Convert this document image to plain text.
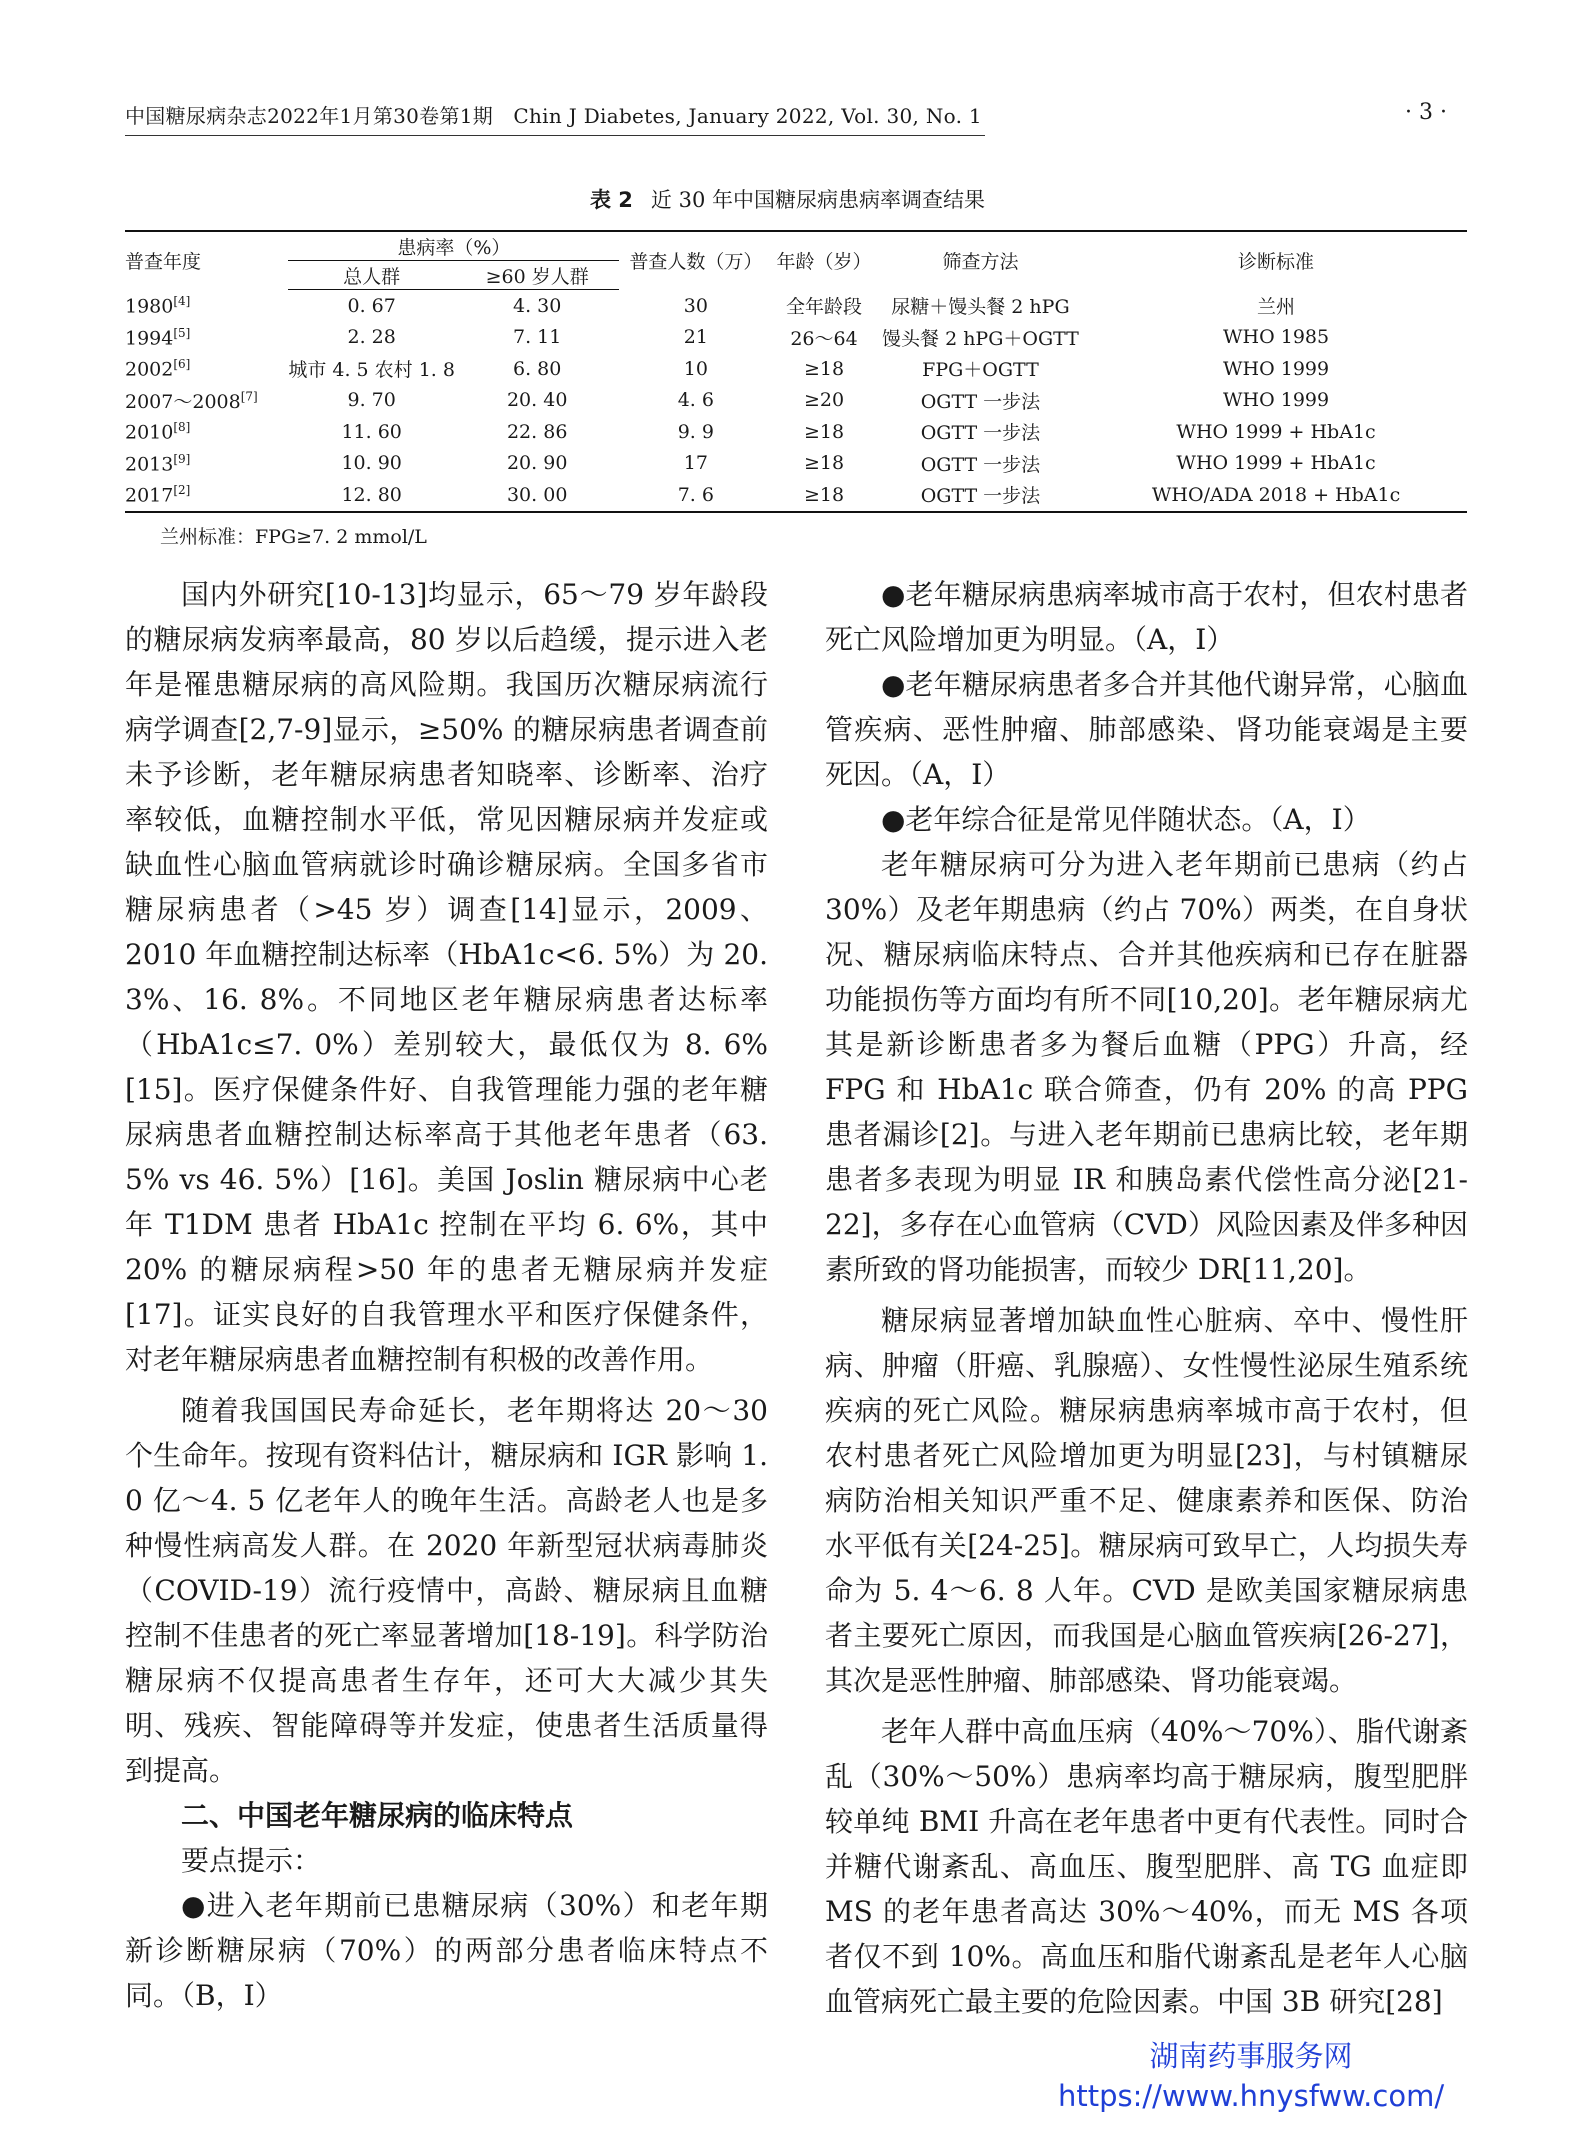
中国糖尿病杂志2022年1月第30卷第1期　Chin J Diabetes, January 2022, Vol. 30, No. 1	· 3 ·
表 2 近 30 年中国糖尿病患病率调查结果
普查年度	患病率（%）		普查人数（万）	年龄（岁）	筛查方法	诊断标准
	总人群	≥60 岁人群				
1980[4]	0. 67	4. 30	30	全年龄段	尿糖＋馒头餐 2 hPG	兰州
1994[5]	2. 28	7. 11	21	26～64	馒头餐 2 hPG＋OGTT	WHO 1985
2002[6]	城市 4. 5 农村 1. 8	6. 80	10	≥18	FPG＋OGTT	WHO 1999
2007～2008[7]	9. 70	20. 40	4. 6	≥20	OGTT 一步法	WHO 1999
2010[8]	11. 60	22. 86	9. 9	≥18	OGTT 一步法	WHO 1999 + HbA1c
2013[9]	10. 90	20. 90	17	≥18	OGTT 一步法	WHO 1999 + HbA1c
2017[2]	12. 80	30. 00	7. 6	≥18	OGTT 一步法	WHO/ADA 2018 + HbA1c
兰州标准：FPG≥7. 2 mmol/L

国内外研究[10-13]均显示，65～79 岁年龄段的糖尿病发病率最高，80 岁以后趋缓，提示进入老年是罹患糖尿病的高风险期。我国历次糖尿病流行病学调查[2,7-9]显示，≥50% 的糖尿病患者调查前未予诊断，老年糖尿病患者知晓率、诊断率、治疗率较低，血糖控制水平低，常见因糖尿病并发症或缺血性心脑血管病就诊时确诊糖尿病。全国多省市糖尿病患者（>45 岁）调查[14]显示，2009、2010 年血糖控制达标率（HbA1c<6. 5%）为 20. 3%、16. 8%。不同地区老年糖尿病患者达标率（HbA1c≤7. 0%）差别较大，最低仅为 8. 6%[15]。医疗保健条件好、自我管理能力强的老年糖尿病患者血糖控制达标率高于其他老年患者（63. 5% vs 46. 5%）[16]。美国 Joslin 糖尿病中心老年 T1DM 患者 HbA1c 控制在平均 6. 6%，其中 20% 的糖尿病程>50 年的患者无糖尿病并发症[17]。证实良好的自我管理水平和医疗保健条件，对老年糖尿病患者血糖控制有积极的改善作用。

随着我国国民寿命延长，老年期将达 20～30 个生命年。按现有资料估计，糖尿病和 IGR 影响 1. 0 亿～4. 5 亿老年人的晚年生活。高龄老人也是多种慢性病高发人群。在 2020 年新型冠状病毒肺炎（COVID-19）流行疫情中，高龄、糖尿病且血糖控制不佳患者的死亡率显著增加[18-19]。科学防治糖尿病不仅提高患者生存年，还可大大减少其失明、残疾、智能障碍等并发症，使患者生活质量得到提高。

二、中国老年糖尿病的临床特点

要点提示：

●进入老年期前已患糖尿病（30%）和老年期新诊断糖尿病（70%）的两部分患者临床特点不同。（B，Ⅰ）

●老年糖尿病患病率城市高于农村，但农村患者死亡风险增加更为明显。（A，Ⅰ）

●老年糖尿病患者多合并其他代谢异常，心脑血管疾病、恶性肿瘤、肺部感染、肾功能衰竭是主要死因。（A，Ⅰ）

●老年综合征是常见伴随状态。（A，Ⅰ）

老年糖尿病可分为进入老年期前已患病（约占 30%）及老年期患病（约占 70%）两类，在自身状况、糖尿病临床特点、合并其他疾病和已存在脏器功能损伤等方面均有所不同[10,20]。老年糖尿病尤其是新诊断患者多为餐后血糖（PPG）升高，经 FPG 和 HbA1c 联合筛查，仍有 20% 的高 PPG 患者漏诊[2]。与进入老年期前已患病比较，老年期患者多表现为明显 IR 和胰岛素代偿性高分泌[21-22]，多存在心血管病（CVD）风险因素及伴多种因素所致的肾功能损害，而较少 DR[11,20]。

糖尿病显著增加缺血性心脏病、卒中、慢性肝病、肿瘤（肝癌、乳腺癌）、女性慢性泌尿生殖系统疾病的死亡风险。糖尿病患病率城市高于农村，但农村患者死亡风险增加更为明显[23]，与村镇糖尿病防治相关知识严重不足、健康素养和医保、防治水平低有关[24-25]。糖尿病可致早亡，人均损失寿命为 5. 4～6. 8 人年。CVD 是欧美国家糖尿病患者主要死亡原因，而我国是心脑血管疾病[26-27]，其次是恶性肿瘤、肺部感染、肾功能衰竭。

老年人群中高血压病（40%～70%）、脂代谢紊乱（30%～50%）患病率均高于糖尿病，腹型肥胖较单纯 BMI 升高在老年患者中更有代表性。同时合并糖代谢紊乱、高血压、腹型肥胖、高 TG 血症即 MS 的老年患者高达 30%～40%，而无 MS 各项者仅不到 10%。高血压和脂代谢紊乱是老年人心脑血管病死亡最主要的危险因素。中国 3B 研究[28]

湖南药事服务网
https://www.hnysfww.com/
